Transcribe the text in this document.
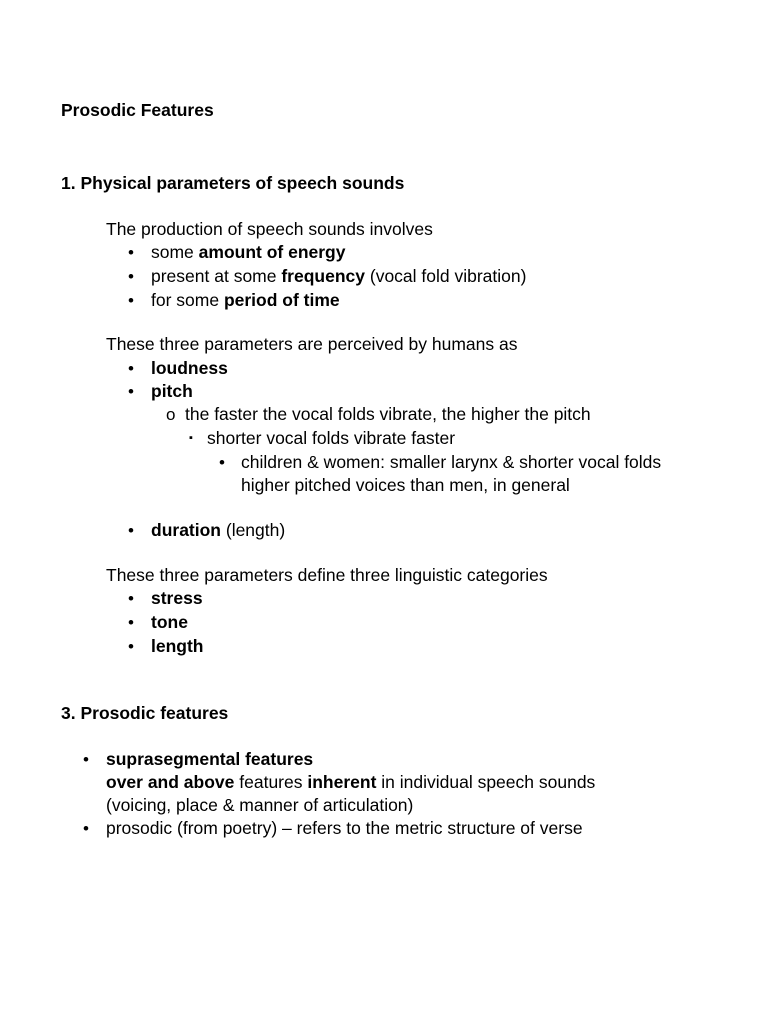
Prosodic Features
1. Physical parameters of speech sounds
The production of speech sounds involves
• some amount of energy
• present at some frequency (vocal fold vibration)
• for some period of time
These three parameters are perceived by humans as
• loudness
• pitch
o the faster the vocal folds vibrate, the higher the pitch
▪ shorter vocal folds vibrate faster
• children & women: smaller larynx & shorter vocal folds
higher pitched voices than men, in general
• duration (length)
These three parameters define three linguistic categories
• stress
• tone
• length
3. Prosodic features
• suprasegmental features
over and above features inherent in individual speech sounds
(voicing, place & manner of articulation)
• prosodic (from poetry) – refers to the metric structure of verse
